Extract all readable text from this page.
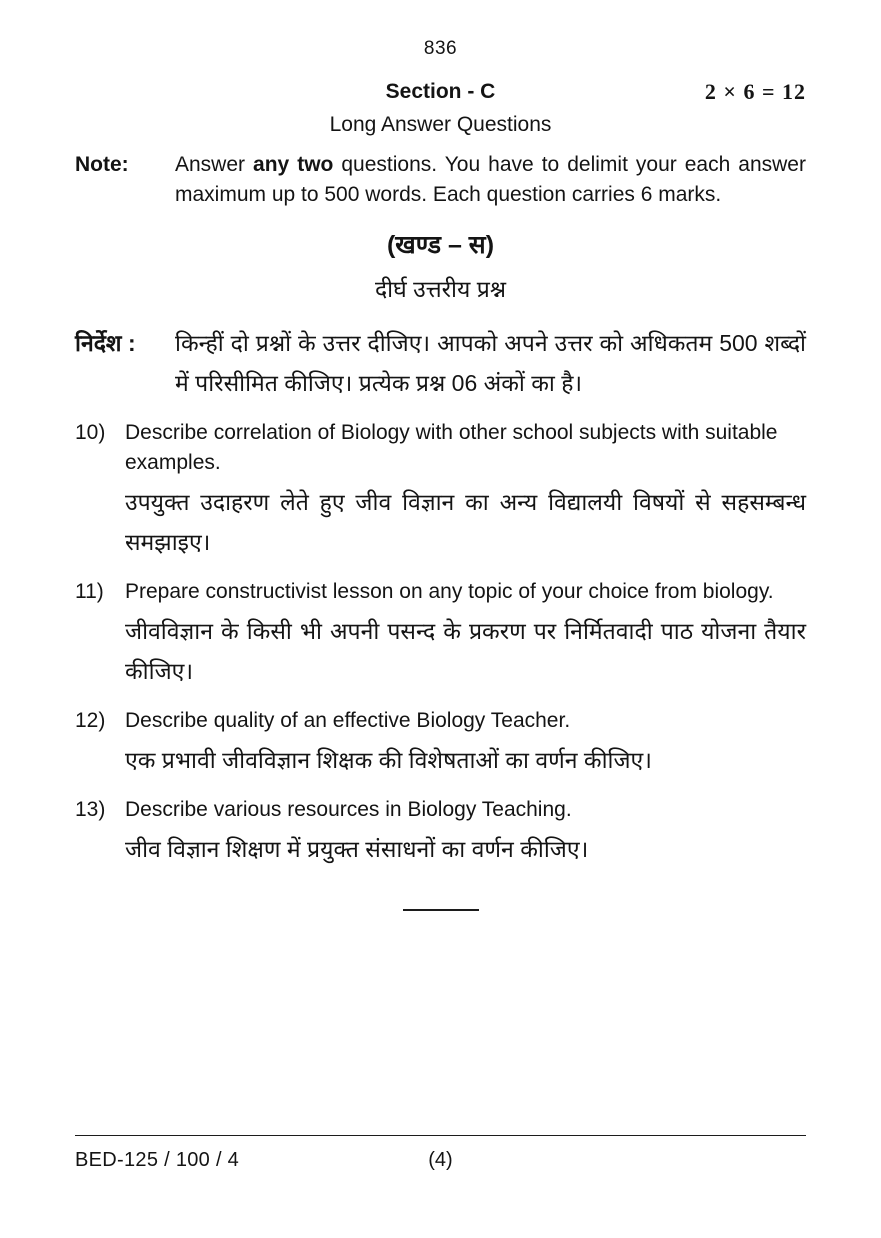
836
Section - C	2 × 6 = 12
Long Answer Questions
Note:	Answer any two questions. You have to delimit your each answer maximum up to 500 words. Each question carries 6 marks.

(खण्ड – स)
दीर्घ उत्तरीय प्रश्न
निर्देश :	किन्हीं दो प्रश्नों के उत्तर दीजिए। आपको अपने उत्तर को अधिकतम 500 शब्दों में परिसीमित कीजिए। प्रत्येक प्रश्न 06 अंकों का है।

10) Describe correlation of Biology with other school subjects with suitable examples.

उपयुक्त उदाहरण लेते हुए जीव विज्ञान का अन्य विद्यालयी विषयों से सहसम्बन्ध समझाइए।

11)	Prepare constructivist lesson on any topic of your choice from biology.

जीवविज्ञान के किसी भी अपनी पसन्द के प्रकरण पर निर्मितवादी पाठ योजना तैयार कीजिए।

12) Describe quality of an effective Biology Teacher.

एक प्रभावी जीवविज्ञान शिक्षक की विशेषताओं का वर्णन कीजिए।

13) Describe various resources in Biology Teaching.

जीव विज्ञान शिक्षण में प्रयुक्त संसाधनों का वर्णन कीजिए।

BED-125 / 100 / 4	(4)
